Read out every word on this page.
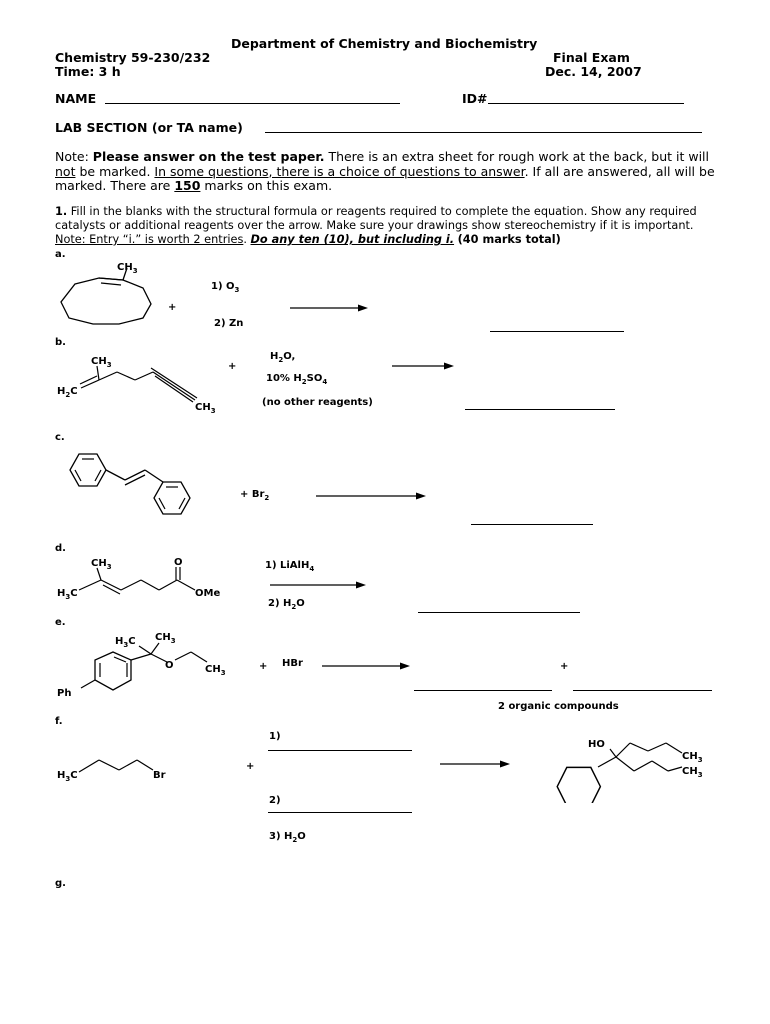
Department of Chemistry and Biochemistry
Chemistry 59-230/232
Time: 3 h
Final Exam
Dec. 14, 2007
NAME	ID#
LAB SECTION (or TA name)
Note: Please answer on the test paper. There is an extra sheet for rough work at the back, but it will not be marked. In some questions, there is a choice of questions to answer. If all are answered, all will be marked. There are 150 marks on this exam.
1. Fill in the blanks with the structural formula or reagents required to complete the equation. Show any required catalysts or additional reagents over the arrow. Make sure your drawings show stereochemistry if it is important. Note: Entry “i.” is worth 2 entries. Do any ten (10), but including i. (40 marks total)
a.
$CH_3$
+
1) $O_3$
2) Zn
b.
$CH_3$
$H_2C$
$CH_3$
+
$H_2O$,
10% $H_2SO_4$
(no other reagents)
c.
+ $Br_2$
d.
$CH_3$
$H_3C$
O
OMe
1) LiAlH$_4$
2) $H_2O$
e.
$H_3C$ $CH_3$
O	$CH_3$
Ph
+ HBr	+
2 organic compounds
f.
$H_3C$	Br
+
1)
2)
3) $H_2O$
HO
$CH_3$
$CH_3$
g.
